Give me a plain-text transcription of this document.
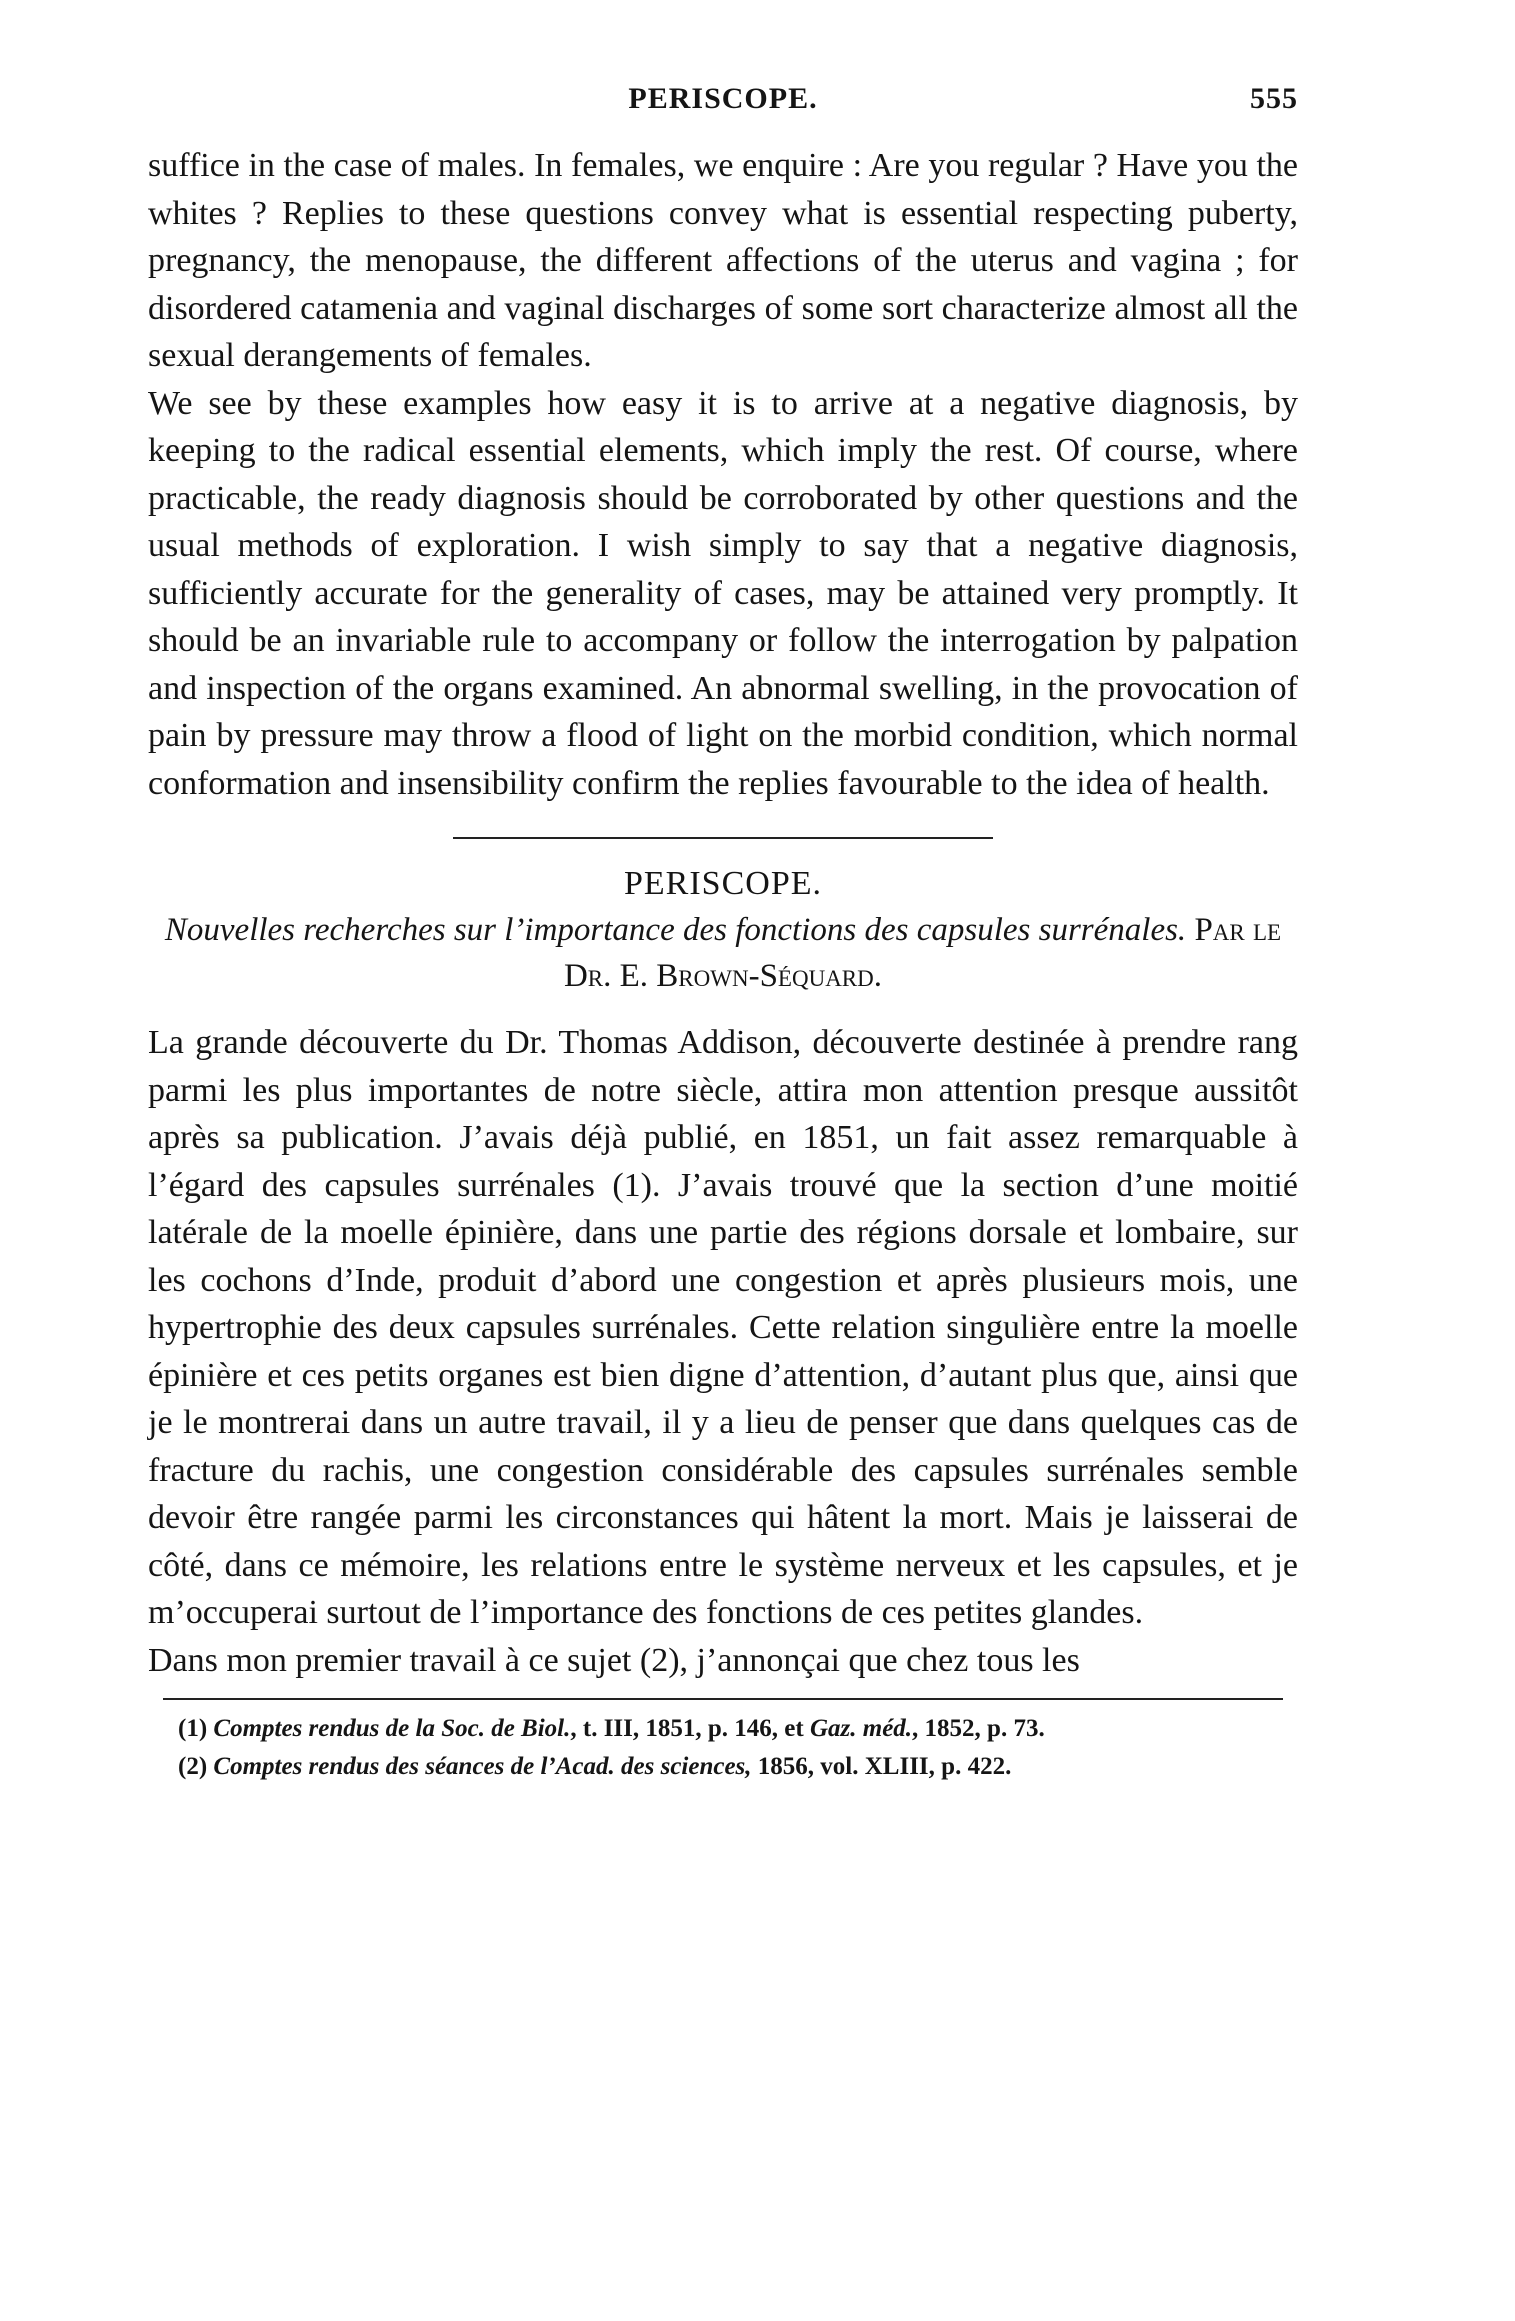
PERISCOPE.	555

suffice in the case of males. In females, we enquire : Are you regular ? Have you the whites ? Replies to these questions convey what is essential respecting puberty, pregnancy, the menopause, the different affections of the uterus and vagina ; for disordered catamenia and vaginal discharges of some sort characterize almost all the sexual derangements of females.

We see by these examples how easy it is to arrive at a negative diagnosis, by keeping to the radical essential elements, which imply the rest. Of course, where practicable, the ready diagnosis should be corroborated by other questions and the usual methods of exploration. I wish simply to say that a negative diagnosis, sufficiently accurate for the generality of cases, may be attained very promptly. It should be an invariable rule to accompany or follow the interrogation by palpation and inspection of the organs examined. An abnormal swelling, in the provocation of pain by pressure may throw a flood of light on the morbid condition, which normal conformation and insensibility confirm the replies favourable to the idea of health.

PERISCOPE.
Nouvelles recherches sur l’importance des fonctions des capsules surrénales. Par le Dr. E. Brown-Séquard.

La grande découverte du Dr. Thomas Addison, découverte destinée à prendre rang parmi les plus importantes de notre siècle, attira mon attention presque aussitôt après sa publication. J’avais déjà publié, en 1851, un fait assez remarquable à l’égard des capsules surrénales (1). J’avais trouvé que la section d’une moitié latérale de la moelle épinière, dans une partie des régions dorsale et lombaire, sur les cochons d’Inde, produit d’abord une congestion et après plusieurs mois, une hypertrophie des deux capsules surrénales. Cette relation singulière entre la moelle épinière et ces petits organes est bien digne d’attention, d’autant plus que, ainsi que je le montrerai dans un autre travail, il y a lieu de penser que dans quelques cas de fracture du rachis, une congestion considérable des capsules surrénales semble devoir être rangée parmi les circonstances qui hâtent la mort. Mais je laisserai de côté, dans ce mémoire, les relations entre le système nerveux et les capsules, et je m’occuperai surtout de l’importance des fonctions de ces petites glandes.

Dans mon premier travail à ce sujet (2), j’annonçai que chez tous les

(1) Comptes rendus de la Soc. de Biol., t. III, 1851, p. 146, et Gaz. méd., 1852, p. 73.
(2) Comptes rendus des séances de l’Acad. des sciences, 1856, vol. XLIII, p. 422.
